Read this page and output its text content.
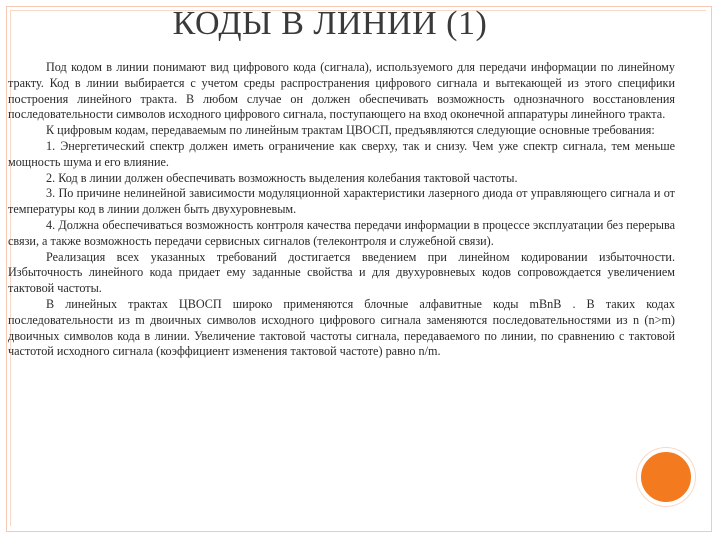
КОДЫ В ЛИНИИ (1)

Под кодом в линии понимают вид цифрового кода (сигнала), используемого для передачи информации по линейному тракту. Код в линии выбирается с учетом среды распространения цифрового сигнала и вытекающей из этого специфики построения линейного тракта. В любом случае он должен обеспечивать возможность однозначного восстановления последовательности символов исходного цифрового сигнала, поступающего на вход оконечной аппаратуры линейного тракта.

К цифровым кодам, передаваемым по линейным трактам ЦВОСП, предъявляются следующие основные требования:

1. Энергетический спектр должен иметь ограничение как сверху, так и снизу. Чем уже спектр сигнала, тем меньше мощность шума и его влияние.

2. Код в линии должен обеспечивать возможность выделения колебания тактовой частоты.

3. По причине нелинейной зависимости модуляционной характеристики лазерного диода от управляющего сигнала и от температуры код в линии должен быть двухуровневым.

4. Должна обеспечиваться возможность контроля качества передачи информации в процессе эксплуатации без перерыва связи, а также возможность передачи сервисных сигналов (телеконтроля и служебной связи).

Реализация всех указанных требований достигается введением при линейном кодировании избыточности. Избыточность линейного кода придает ему заданные свойства и для двухуровневых кодов сопровождается увеличением тактовой частоты.

В линейных трактах ЦВОСП широко применяются блочные алфавитные коды mBnB . В таких кодах последовательности из m двоичных символов исходного цифрового сигнала заменяются последовательностями из n (n>m) двоичных символов кода в линии. Увеличение тактовой частоты сигнала, передаваемого по линии, по сравнению с тактовой частотой исходного сигнала (коэффициент изменения тактовой частоте) равно n/m.
